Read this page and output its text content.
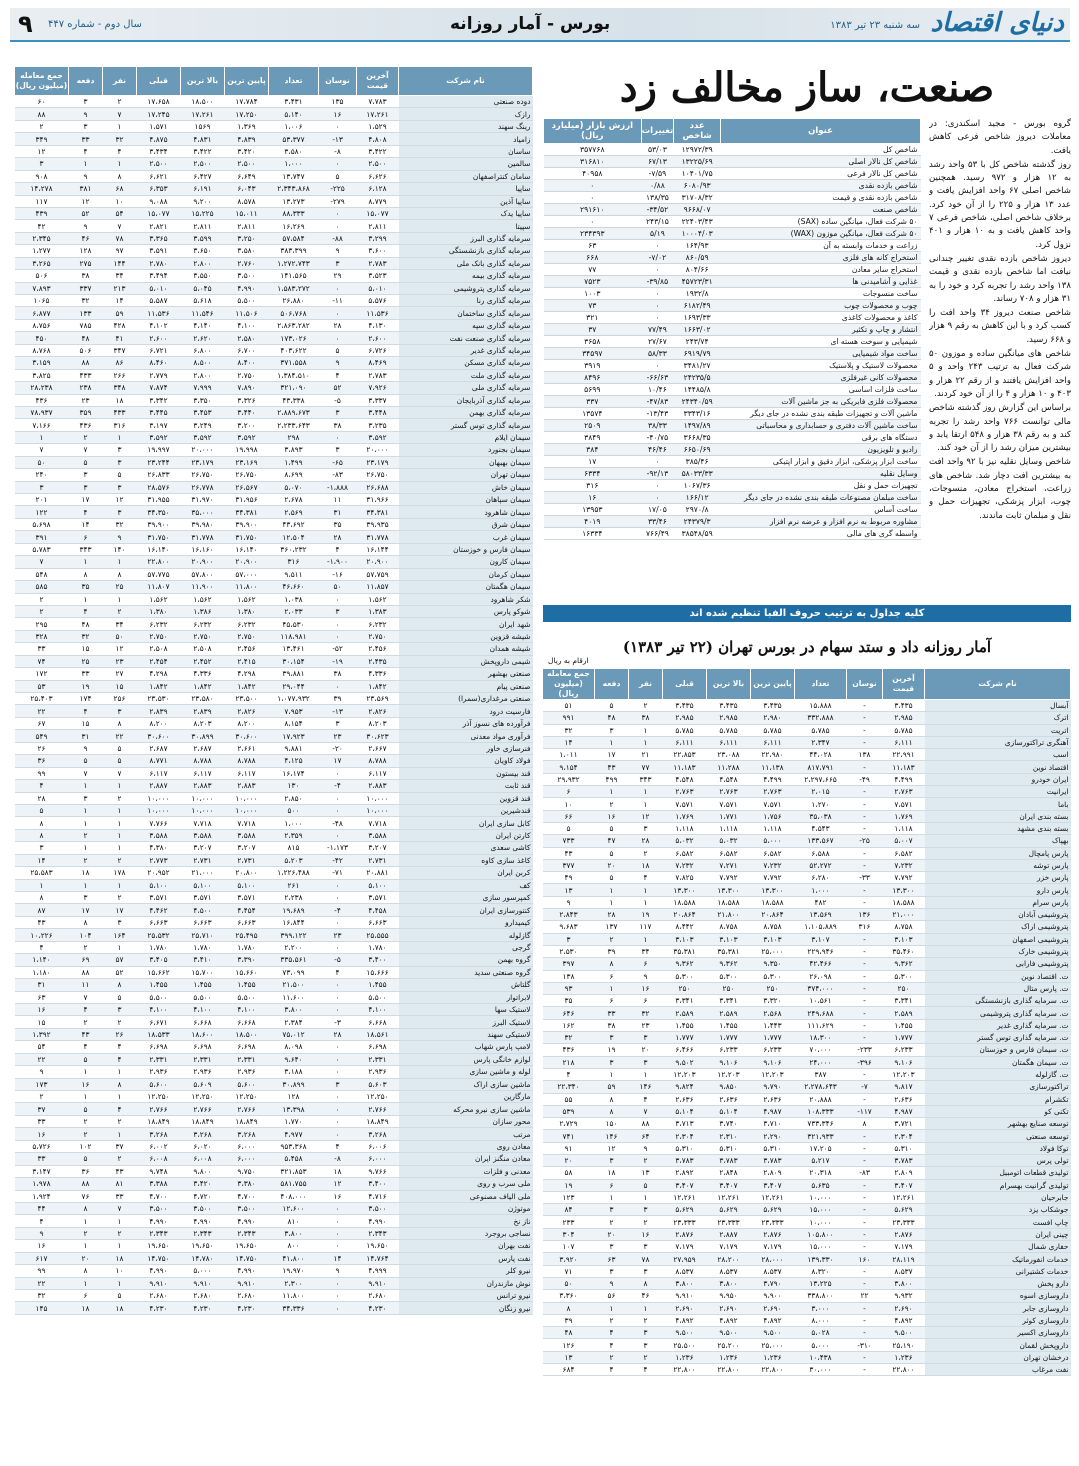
دنیای اقتصاد
سه شنبه ۲۳ تیر ۱۳۸۳
بورس - آمار روزانه
سال دوم - شماره ۴۴۷
۹
صنعت، ساز مخالف زد

گروه بورس - مجید اسکندری: در معاملات دیروز شاخص فرعی کاهش یافت.

روز گذشته شاخص کل با ۵۳ واحد رشد به ۱۲ هزار و ۹۷۲ رسید. همچنین شاخص اصلی ۶۷ واحد افزایش یافت و عدد ۱۳ هزار و ۲۲۵ را از آن خود کرد. برخلاف شاخص اصلی، شاخص فرعی ۷ واحد کاهش یافت و به ۱۰ هزار و ۴۰۱ نزول کرد.

دیروز شاخص بازده نقدی تغییر چندانی نیافت اما شاخص بازده نقدی و قیمت ۱۳۸ واحد رشد را تجربه کرد و خود را به ۳۱ هزار و ۷۰۸ رساند.

شاخص صنعت دیروز ۳۴ واحد افت را کسب کرد و با این کاهش به رقم ۹ هزار و ۶۶۸ رسید.

شاخص های میانگین ساده و موزون ۵۰ شرکت فعال به ترتیب ۲۴۳ واحد و ۵ واحد افزایش یافتند و از رقم ۲۲ هزار و ۴۰۳ و ۱۰ هزار و ۴ را از آن خود کردند.

براساس این گزارش روز گذشته شاخص مالی توانست ۷۶۶ واحد رشد را تجربه کند و به رقم ۳۸ هزار و ۵۴۸ ارتقا یابد و بیشترین میزان رشد را از آن خود کند.

شاخص وسایل نقلیه نیز با ۹۲ واحد افت به بیشترین افت دچار شد. شاخص های زراعت، استخراج معادن، منسوجات، چوب، ابزار پزشکی، تجهیزات حمل و نقل و مبلمان ثابت ماندند.

عنوان	عدد شاخص	تغییرات	ارزش بازار (میلیارد ریال)
شاخص کل	۱۲۹۷۲/۳۹	۵۳/۰۳	۳۵۷۷۶۸
شاخص کل نالار اصلی	۱۳۲۲۵/۶۹	۶۷/۱۳	۳۱۶۸۱۰
شاخص کل نالار فرعی	۱۰۴۰۱/۷۵	-۷/۵۹	۴۰۹۵۸
شاخص بازده نقدی	۶۰۸۰/۹۳	۰/۸۸	۰
شاخص بازده نقدی و قیمت	۳۱۷۰۸/۳۲	۱۳۸/۳۵	۰
شاخص صنعت	۹۶۶۸/۰۷	-۳۴/۵۲	۲۹۱۶۱۰
۵۰ شرکت فعال، میانگین ساده (SAX)	۲۲۴۰۳/۴۳	۲۴۳/۱۵	۰
۵۰ شرکت فعال، میانگین موزون (WAX)	۱۰۰۰۴/۰۳	۵/۱۹	۲۳۴۳۹۳
زراعت و خدمات وابسته به آن	۱۶۴/۹۳	۰	۶۳
استخراج کانه های فلزی	۸۶۰/۵۹	-۷/۰۲	۶۶۸
استخراج سایر معادن	۸۰۴/۶۶	۰	۷۷
غذایی و آشامیدنی ها	۴۵۷۲۳/۳۱	-۳۹/۸۵	۷۵۲۳
ساخت منسوجات	۱۹۳۲/۸	۰	۱۰۰۳
چوب و محصولات چوب	۶۱۸۲/۴۹	۰	۷۳
کاغذ و محصولات کاغذی	۱۶۹۳/۳۳	۰	۳۲۱
انتشار و چاپ و تکثیر	۱۶۶۳/۰۲	۷۷/۴۹	۳۷
شیمیایی و سوخت هسته ای	۲۴۳/۷۴	۲۷/۶۷	۳۶۵۸
ساخت مواد شیمیایی	۶۹۱۹/۷۹	۵۸/۳۳	۳۴۵۹۷
محصولات لاستیک و پلاستیک	۳۴۸۱/۲۷	۰	۳۹۱۹
محصولات کانی غیرفلزی	۲۴۲۳۵/۵	-۶۶/۶۳	۸۴۹۶
ساخت فلزات اساسی	۱۴۴۸۵/۸	۱۰/۴۶	۵۶۹۹
محصولات فلزی فابریکی به جز ماشین آلات	۲۴۳۴۰/۵۹	-۴۷/۸۳	۳۳۷
ماشین آلات و تجهیزات طبقه بندی نشده در جای دیگر	۳۳۴۳/۱۶	-۱۳/۴۳	۱۳۵۷۴
ساخت ماشین آلات دفتری و حسابداری و محاسباتی	۱۴۹۷/۸۹	۳۸/۳۳	۲۵۰۹
دستگاه های برقی	۳۶۶۸/۳۵	-۴۰/۷۵	۳۸۴۹
رادیو و تلویزیون	۶۶۵۰/۶۹	۴۶/۴۶	۳۸۴
ساخت ابزار پزشکی، ابزار دقیق و ابزار اپتیکی	۳۸۵/۴۶	۰	۱۷
وسایل نقلیه	۵۸۰۳۳/۳۳	-۹۲/۱۳	۶۳۳۴
تجهیزات حمل و نقل	۱۰۶۷/۳۶	۰	۳۱۶
ساخت مبلمان مصنوعات طبقه بندی نشده در جای دیگر	۱۶۶/۱۲	۰	۱۶
ساخت آساس	۲۹۷۰/۸	۱۷/۰۵	۱۳۹۵۳
مشاوره مربوط به نرم افزار و عرضه نرم افزار	۲۴۳۷۹/۳	۳۳/۴۶	۴۰۱۹
واسطه گری های مالی	۳۸۵۴۸/۵۹	۷۶۶/۴۹	۱۶۳۳۴
کلیه جداول به ترتیب حروف الفبا تنظیم شده اند
آمار روزانه داد و ستد سهام در بورس تهران (۲۲ تیر ۱۳۸۳)
ارقام به ریال
نام شرکت	آخرین قیمت	نوسان	تعداد	پایین ترین	بالا ترین	قبلی	نفر	دفعه	جمع معامله (میلیون ریال)
دوده صنعتی	۷،۷۸۳	۱۳۵	۳،۴۳۱	۱۷،۷۸۴	۱۸،۵۰۰	۱۷،۶۵۸	۲	۳	۶۰
رازک	۱۷،۲۶۱	۱۶	۵،۱۴۰	۱۷،۲۵۰	۱۷،۲۶۱	۱۷،۲۴۵	۷	۹	۸۸
رینگ سهند	۱،۵۲۹	۰	۱،۰۰۶	۱،۳۶۹	۱۵۶۹	۱،۵۷۱	۱	۳	۲
زامیاد	۴،۸۰۸	-۱۳	۵۳،۳۷۷	۴،۸۳۹	۴،۸۳۱	۴،۸۷۵	۳۲	۳۳	۳۴۹
ساسان	۳،۴۲۲	-۸	۳،۵۸۰	۳،۴۲۰	۳،۴۲۲	۳،۴۳۴	۴	۴	۱۲
سالمین	۲،۵۰۰	۰	۱،۰۰۰	۲،۵۰۰	۲،۵۰۰	۲،۵۰۰	۱	۱	۳
سامان کنتراصفهان	۶،۶۲۶	۵	۱۳،۷۴۷	۶،۶۴۹	۶،۴۲۷	۶،۶۲۱	۸	۹	۹۰۸
ساپیا	۶،۱۲۸	-۲۲۵	۲،۳۴۳،۸۶۸	۶،۰۴۳	۶،۱۹۱	۶،۳۵۳	۶۸	۳۸۱	۱۴،۲۷۸
ساپیا آذین	۸،۷۷۹	-۲۷۹	۱۳،۲۷۳	۸،۵۷۸	۹،۲۰۰	۹،۰۸۸	۱۰	۱۲	۱۱۷
ساپیا یدک	۱۵،۰۷۷	۰	۸۸،۳۳۳	۱۵،۰۱۱	۱۵،۲۲۵	۱۵،۰۷۷	۵۴	۵۲	۴۳۹
سپیتا	۲،۸۱۱	۰	۱۶،۲۶۹	۲،۸۱۱	۲،۸۱۱	۲،۸۲۱	۷	۹	۴۲
سرمایه گذاری البرز	۳،۲۹۹	-۸۸	۵۷،۵۸۴	۳،۲۵۰	۳،۵۹۹	۳،۳۶۵	۷۸	۴۶	۲،۳۴۵
سرمایه گذاری بازنشستگی	۳،۶۰۰	۹	۳۸۳،۳۹۹	۳،۵۸۰	۳،۶۵۰	۳،۵۹۱	۹۷	۱۲۸	۱،۲۷۷
سرمایه گذاری بانک ملی	۲،۷۸۳	۳	۱،۲۷۲،۷۴۳	۲،۷۶۰	۲،۸۰۰	۲،۷۸۰	۱۴۴	۲۷۵	۳،۲۶۵
سرمایه گذاری بیمه	۳،۵۲۳	۲۹	۱۴۱،۵۶۵	۳،۵۰۰	۳،۵۵۰	۳،۴۹۴	۳۴	۳۸	۵۰۶
سرمایه گذاری پتروشیمی	۵،۰۱۰	۰	۱،۵۸۳،۲۷۲	۴،۹۹۰	۵،۰۴۵	۵،۰۱۰	۲۱۳	۳۳۷	۷،۸۹۳
سرمایه گذاری رنا	۵،۵۷۶	-۱۱	۲۶،۸۸۰	۵،۵۰۰	۵،۶۱۸	۵،۵۸۷	۱۴	۳۲	۱۰۶۵
سرمایه گذاری ساختمان	۱۱،۵۳۶	۰	۵۰۶،۷۶۸	۱۱،۵۰۶	۱۱،۵۴۶	۱۱،۵۳۶	۵۹	۱۳۳	۶،۸۷۷
سرمایه گذاری سپه	۴،۱۳۰	۲۸	۲،۸۶۳،۲۸۲	۴،۱۰۰	۴،۱۴۰	۴،۱۰۲	۴۲۸	۷۸۵	۸،۷۵۶
سرمایه گذاری صنعت نفت	۲،۶۰۰	۰	۱۷۳،۰۲۶	۲،۵۸۰	۲،۶۲۰	۲،۶۰۰	۴۱	۴۸	۴۵۰
سرمایه گذاری غدیر	۶،۷۲۶	۵	۴۰۳،۶۲۲	۶،۷۰۰	۶،۸۰۰	۶،۷۲۱	۳۴۷	۵۰۶	۸،۷۶۸
سرمایه گذاری مسکن	۸،۴۶۹	۹	۳۷۱،۵۵۸	۸،۴۰۰	۸،۵۰۰	۸،۴۶۰	۸۶	۸۸	۳،۱۵۹
سرمایه گذاری ملت	۲،۷۸۳	۴	۱،۳۸۴،۵۱۰	۲،۷۵۰	۲،۸۰۰	۲،۷۷۹	۲۶۶	۴۳۳	۳،۸۲۵
سرمایه گذاری ملی	۷،۹۲۶	۵۲	۳۲۱،۰۹۰	۷،۸۹۰	۷،۹۹۹	۷،۸۷۴	۳۴۸	۲۳۸	۲۸،۲۳۸
سرمایه گذاری آذربایجان	۳،۳۳۷	-۵	۴۳،۳۳۸	۳،۳۲۶	۳،۳۵۰	۳،۳۴۲	۱۸	۲۳	۴۳۶
سرمایه گذاری بهمن	۳،۴۴۸	۳	۲،۸۸۹،۶۷۳	۳،۴۴۰	۳،۴۵۳	۳،۴۴۵	۴۳۳	۳۵۹	۷۸،۹۳۷
سرمایه گذاری توس گستر	۳،۲۳۵	۳۸	۲،۲۳۳،۶۴۳	۳،۲۰۰	۳،۲۴۹	۳،۱۹۷	۳۱۶	۴۳۶	۷،۱۶۶
سیمان ایلام	۳،۵۹۲	۰	۲۹۸	۳،۵۹۲	۳،۵۹۲	۳،۵۹۲	۱	۲	۱
سیمان بجنورد	۲۰،۰۰۰	۳	۳،۸۹۳	۱۹،۹۹۸	۲۰،۰۰۰	۱۹،۹۹۷	۳	۷	۷
سیمان بهبهان	۲۳،۱۷۹	-۶۵	۱،۴۹۹	۲۳،۱۶۹	۲۳،۱۷۹	۲۳،۲۴۴	۳	۵	۵۰
سیمان تهران	۲۶،۷۵۰	-۸۳	۸،۶۹۹	۲۶،۷۵۰	۲۶،۷۵۰	۲۶،۸۳۳	۵	۳	۲۴۰
سیمان خاش	۲۶،۶۸۸	-۱،۸۸۸	۵،۰۷۰	۲۶،۵۶۷	۲۶،۷۷۸	۲۸،۵۷۶	۳	۳	۳
سیمان سپاهان	۳۱،۹۶۶	۱۱	۲،۶۷۸	۳۱،۹۵۶	۳۱،۹۷۰	۳۱،۹۵۵	۱۲	۱۷	۲۰۱
سیمان شاهرود	۳۴،۳۸۱	۳۱	۲،۵۶۹	۳۴،۳۸۱	۳۵،۰۰۰	۳۴،۳۵۰	۳	۴	۱۲۲
سیمان شرق	۳۹،۹۳۵	۳۵	۴۳،۶۹۲	۳۹،۹۰۰	۳۹،۹۸۰	۳۹،۹۰۰	۳۲	۱۴	۵،۶۹۸
سیمان غرب	۳۱،۷۷۸	۲۸	۱۲،۵۰۴	۳۱،۷۵۰	۳۱،۷۷۸	۳۱،۷۵۰	۹	۶	۳۹۱
سیمان فارس و خوزستان	۱۶،۱۴۴	۴	۳۶۰،۲۳۲	۱۶،۱۴۰	۱۶،۱۶۰	۱۶،۱۴۰	۱۴۰	۳۴۳	۵،۷۸۳
سیمان کارون	۲۰،۹۰۰	-۱،۹۰۰	۳۱۶	۲۰،۹۰۰	۲۰،۹۰۰	۲۲،۸۰۰	۱	۱	۷
سیمان کرمان	۵۷،۷۵۹	-۱۶	۹،۵۱۱	۵۷،۰۰۰	۵۷،۸۰۰	۵۷،۷۷۵	۸	۸	۵۴۸
سیمان هگمتان	۱۱،۸۵۷	۵۰	۴۶،۶۶۰	۱۱،۸۰۰	۱۱،۹۰۰	۱۱،۸۰۷	۲۵	۳۵	۵۸۵
شکر شاهرود	۱،۵۶۲	۰	۱،۰۳۸	۱،۵۶۲	۱،۵۶۲	۱،۵۶۲	۱	۱	۲
شوکو پارس	۱،۳۸۳	۳	۲،۰۳۳	۱،۳۸۰	۱،۳۸۶	۱،۳۸۰	۲	۴	۲
شهد ایران	۶،۲۳۲	۰	۴۵،۵۳۰	۶،۲۳۲	۶،۲۳۲	۶،۲۳۲	۳۴	۴۸	۲۹۵
شیشه قزوین	۲،۷۵۰	۰	۱۱۸،۹۸۱	۲،۷۵۰	۲،۷۵۰	۲،۷۵۰	۵۰	۳۲	۳۲۸
شیشه همدان	۲،۴۵۶	-۵۲	۱۳،۴۶۱	۲،۴۵۶	۲،۵۰۸	۲،۵۰۸	۱۲	۱۵	۳۳
شیمی داروپخش	۲،۴۳۵	-۱۹	۳۰،۱۵۴	۲،۴۱۵	۲،۴۵۲	۲،۴۵۴	۲۳	۲۵	۷۴
صنعتی بهشهر	۴،۳۳۶	۳۸	۳۹،۸۸۱	۴،۲۹۸	۴،۳۳۶	۴،۲۹۸	۲۷	۳۳	۱۷۲
صنعتی پیام	۱،۸۴۲	۰	۲۹،۰۴۴	۱،۸۴۲	۱،۸۴۲	۱،۸۴۲	۱۵	۱۹	۵۳
صنعتی مرغداری(سمرا)	۲۳،۵۶۹	۳۹	۱،۰۷۷،۹۳۲	۲۳،۵۰۰	۲۳،۵۸۰	۲۳،۵۳۰	۲۵۶	۱۷۴	۲۵،۴۰۳
فارسیت درود	۲،۸۲۶	-۱۳	۷،۹۵۳	۲،۸۲۶	۲،۸۳۹	۲،۸۳۹	۳	۴	۲۲
فرآورده های نسوز آذر	۸،۲۰۳	۳	۸،۱۵۴	۸،۲۰۰	۸،۲۰۳	۸،۲۰۰	۸	۱۵	۶۷
فرآوری مواد معدنی	۳۰،۶۲۳	۲۳	۱۷،۹۲۳	۳۰،۶۰۰	۳۰،۸۹۹	۳۰،۶۰۰	۲۲	۳۱	۵۴۹
فنرسازی خاور	۲،۶۶۷	-۲۰	۹،۸۸۱	۲،۶۶۱	۲،۶۸۷	۲،۶۸۷	۵	۹	۲۶
فولاد کاویان	۸،۷۸۸	۱۷	۴،۱۲۵	۸،۷۸۸	۸،۷۸۸	۸،۷۷۱	۵	۵	۳۶
قند بیستون	۶،۱۱۷	۰	۱۶،۱۷۴	۶،۱۱۷	۶،۱۱۷	۶،۱۱۷	۷	۷	۹۹
قند ثابت	۲،۸۸۳	-۴	۱۳۰	۲،۸۸۳	۲،۸۸۳	۲،۸۸۷	۱	۱	۴
قند قزوین	۱۰،۰۰۰	۰	۲،۸۵۰	۱۰،۰۰۰	۱۰،۰۰۰	۱۰،۰۰۰	۲	۳	۲۸
قندشیرین	۱۰،۰۰۰	۰	۵۰۰	۱۰،۰۰۰	۱۰،۰۰۰	۱۰،۰۰۰	۱	۱	۵
کابل سازی ایران	۷،۷۱۸	-۴۸	۱،۰۰۰	۷،۷۱۸	۷،۷۱۸	۷،۷۶۶	۱	۱	۸
کارتن ایران	۳،۵۸۸	۰	۲،۳۵۹	۳،۵۸۸	۳،۵۸۸	۳،۵۸۸	۱	۲	۸
کاشی سعدی	۳،۲۰۷	-۱،۱۷۳	۸۱۵	۳،۲۰۷	۳،۲۰۷	۴،۳۸۰	۱	۱	۳
کاغذ سازی کاوه	۲،۷۳۱	-۴۲	۵،۲۰۳	۲،۷۳۱	۲،۷۳۱	۲،۷۷۳	۲	۲	۱۴
کربن ایران	۲۰،۸۸۱	-۷۱	۱،۲۲۶،۴۸۸	۲۰،۸۰۰	۲۱،۰۰۰	۲۰،۹۵۲	۱۷۸	۱۸	۲۵،۵۸۳
کف	۵،۱۰۰	۰	۲۶۱	۵،۱۰۰	۵،۱۰۰	۵،۱۰۰	۱	۱	۱
کمپرسور سازی	۳،۵۷۱	۰	۲،۲۳۸	۳،۵۷۱	۳،۵۷۱	۳،۵۷۱	۲	۳	۸
کنتورسازی ایران	۴،۴۵۸	-۴	۱۹،۶۸۹	۴،۴۵۴	۴،۵۰۰	۴،۴۶۲	۱۷	۱۷	۸۷
کیمیدارو	۶،۶۶۳	۰	۱۶،۸۴۴	۶،۶۶۳	۶،۶۶۳	۶،۶۶۳	۳	۸	۴۳
گازلوله	۲۵،۵۵۵	۲۳	۳۹۹،۱۲۲	۲۵،۴۹۵	۲۵،۷۱۰	۲۵،۵۳۲	۱۶۴	۱۰۴	۱۰،۲۲۶
گرجی	۱،۷۸۰	۰	۲،۲۰۰	۱،۷۸۰	۱،۷۸۰	۱،۷۸۰	۱	۲	۴
گروه بهمن	۳،۴۰۰	-۵	۳۳۵،۵۶۱	۳،۳۹۰	۳،۴۱۰	۳،۴۰۵	۵۷	۶۹	۱،۱۴۰
گروه صنعتی سدید	۱۵،۶۶۶	۴	۷۳،۰۹۹	۱۵،۶۶۰	۱۵،۷۰۰	۱۵،۶۶۲	۵۲	۸۸	۱،۱۸۰
گلتاش	۱،۴۵۵	۰	۲۱،۵۰۰	۱،۴۵۵	۱،۴۵۵	۱،۴۵۵	۸	۱۱	۳۱
لابراتوار	۵،۵۰۰	۰	۱۱،۶۰۰	۵،۵۰۰	۵،۵۰۰	۵،۵۰۰	۵	۷	۶۳
لاستیک سها	۴،۱۰۰	۰	۳،۸۰۰	۴،۱۰۰	۴،۱۰۰	۴،۱۰۰	۳	۴	۱۶
لاستیک البرز	۶،۶۶۸	-۳	۲،۳۸۴	۶،۶۶۸	۶،۶۶۸	۶،۶۷۱	۲	۲	۱۵
لاستیکی سهند	۱۸،۵۶۱	۲۸	۷۵،۰۱۲	۱۸،۵۰۰	۱۸،۶۰۰	۱۸،۵۳۳	۲۶	۴۳	۱،۳۹۲
لامپ پارس شهاب	۶،۶۹۸	۰	۸،۰۹۸	۶،۶۹۸	۶،۶۹۸	۶،۶۹۸	۴	۴	۵۴
لوازم خانگی پارس	۲،۳۳۱	۰	۹،۶۴۰	۲،۳۳۱	۲،۳۳۱	۲،۳۳۱	۴	۵	۲۲
لوله و ماشین سازی	۲،۹۳۶	۰	۳،۱۸۸	۲،۹۳۶	۲،۹۳۶	۲،۹۳۶	۱	۱	۹
ماشین سازی اراک	۵،۶۰۳	۳	۳۰،۸۹۹	۵،۶۰۰	۵،۶۰۹	۵،۶۰۰	۸	۱۶	۱۷۳
مارگارین	۱۲،۲۵۰	۰	۱۲۸	۱۲،۲۵۰	۱۲،۲۵۰	۱۲،۲۵۰	۱	۱	۲
ماشین سازی نیرو محرکه	۲،۷۶۶	۰	۱۳،۳۹۸	۲،۷۶۶	۲،۷۶۶	۲،۷۶۶	۴	۵	۳۷
محور سازان	۱۸،۸۴۹	۰	۱،۷۷۰	۱۸،۸۴۹	۱۸،۸۴۹	۱۸،۸۴۹	۲	۲	۳۳
مرتب	۳،۲۶۸	۰	۴،۹۷۷	۳،۲۶۸	۳،۲۶۸	۳،۲۶۸	۱	۲	۱۶
معادن روی	۶،۰۰۶	۴	۹۵۳،۳۶۸	۶،۰۰۰	۶،۰۲۰	۶،۰۰۲	۳۷	۱۰۲	۵،۷۲۶
معادن منگنز ایران	۶،۰۰۰	-۸	۵،۴۵۸	۶،۰۰۰	۶،۰۰۸	۶،۰۰۸	۲	۵	۳۳
معدنی و فلزات	۹،۷۶۶	۱۸	۳۲۱،۸۵۳	۹،۷۵۰	۹،۸۰۰	۹،۷۴۸	۴۳	۳۶	۳،۱۴۷
ملی سرب و روی	۳،۴۰۰	۱۲	۵۸۱،۷۵۵	۳،۳۸۰	۳،۴۲۰	۳،۳۸۸	۸۱	۸۸	۱،۹۷۸
ملی الیاف مصنوعی	۴،۷۱۶	۱۶	۴۰۸،۰۰۰	۴،۷۰۰	۴،۷۲۰	۴،۷۰۰	۳۳	۷۶	۱،۹۲۴
موتوژن	۳،۵۰۰	۰	۱۲،۶۰۰	۳،۵۰۰	۳،۵۰۰	۳،۵۰۰	۷	۸	۴۴
ناز نخ	۴،۹۹۰	۰	۸۱۰	۴،۹۹۰	۴،۹۹۰	۴،۹۹۰	۱	۱	۴
نساجی بروجرد	۲،۳۴۳	۰	۳،۸۰۰	۲،۳۴۳	۲،۳۴۳	۲،۳۴۳	۲	۲	۹
نفت بهران	۱۹،۶۵۰	۰	۸۰۰	۱۹،۶۵۰	۱۹،۶۵۰	۱۹،۶۵۰	۱	۱	۱۶
نفت پارس	۱۴،۷۶۴	۱۴	۴۱،۸۰۰	۱۴،۷۵۰	۱۴،۷۸۰	۱۴،۷۵۰	۱۸	۲۰	۶۱۷
نیرو کلر	۴،۹۹۹	۹	۱۹،۹۷۰	۴،۹۹۰	۵،۰۰۰	۴،۹۹۰	۱۰	۸	۹۹
نوش مازندران	۹،۹۱۰	۰	۲،۳۰۰	۹،۹۱۰	۹،۹۱۰	۹،۹۱۰	۱	۱	۲۲
نیرو ترانس	۲،۶۸۰	۰	۱۱،۸۰۰	۲،۶۸۰	۲،۶۸۰	۲،۶۸۰	۵	۶	۳۲
نیرو زنگان	۴،۲۳۰	۰	۳۴،۳۳۶	۴،۲۳۰	۴،۲۳۰	۴،۲۳۰	۱۸	۱۸	۱۴۵
نام شرکت	آخرین قیمت	نوسان	تعداد	پایین ترین	بالا ترین	قبلی	نفر	دفعه	جمع معامله (میلیون ریال)
آبسال	۳،۴۳۵	-	۱۵،۸۸۸	۳،۴۳۵	۳،۴۳۵	۳،۴۳۵	۲	۵	۵۱
اترک	۲،۹۸۵	-	۳۳۲،۸۸۸	۲،۹۸۰	۲،۹۸۵	۲،۹۸۵	۳۸	۴۸	۹۹۱
اتریت	۵،۷۸۵	-	۵،۷۸۵	۵،۷۸۵	۵،۷۸۵	۵،۷۸۵	۱	۳	۳۲
آهنگری تراکتورسازی	۶،۱۱۱	-	۲،۳۴۷	۶،۱۱۱	۶،۱۱۱	۶،۱۱۱	۱	۱	۱۴
اسب	۲۲،۹۹۱	۱۳۸	۴۴،۰۲۸	۲۲،۹۸۰	۲۳،۰۸۸	۲۲،۸۵۳	۲۱	۱۷	۱،۰۱۱
اقتصاد نوین	۱۱،۱۸۳	-	۸۱۷،۷۹۱	۱۱،۱۳۸	۱۱،۲۸۸	۱۱،۱۸۳	۷۷	۴۳	۹،۱۵۴
ایران خودرو	۴،۴۹۹	-۴۹	۲،۲۹۷،۶۶۵	۴،۴۹۹	۴،۵۴۸	۴،۵۴۸	۳۴۳	۴۹۹	۲۹،۹۳۲
ایرانیت	۲،۷۶۳	-	۲،۰۱۵	۲،۷۶۳	۲،۷۶۳	۲،۷۶۳	۱	۱	۶
باما	۷،۵۷۱	-	۱،۲۷۰	۷،۵۷۱	۷،۵۷۱	۷،۵۷۱	۱	۲	۱۰
بسته بندی ایران	۱،۷۶۹	-	۳۵،۰۳۸	۱،۷۵۶	۱،۷۷۱	۱،۷۶۹	۱۲	۱۶	۶۶
بسته بندی مشهد	۱،۱۱۸	-	۴،۵۴۳	۱،۱۱۸	۱،۱۱۸	۱،۱۱۸	۳	۵	۵
بهپاک	۵،۰۰۷	-۲۵	۱۳۳،۵۶۷	۵،۰۰۰	۵،۰۳۲	۵،۰۳۲	۲۸	۴۷	۷۳۳
پارس پامچال	۶،۵۸۲	-	۶،۵۸۸	۶،۵۸۲	۶،۵۸۲	۶،۵۸۲	۲	۵	۴۳
پارس توشه	۷،۲۳۲	-	۵۲،۲۷۲	۷،۲۳۲	۷،۲۷۱	۷،۲۳۲	۱۸	۲۰	۳۷۷
پارس خزر	۷،۷۹۲	-۳۳	۶،۲۸۰	۷،۷۹۲	۷،۷۹۲	۷،۸۲۵	۴	۵	۴۹
پارس دارو	۱۳،۳۰۰	-	۱،۰۰۰	۱۳،۳۰۰	۱۳،۳۰۰	۱۳،۳۰۰	۱	۱	۱۳
پارس سرام	۱۸،۵۸۸	-	۴۸۲	۱۸،۵۸۸	۱۸،۵۸۸	۱۸،۵۸۸	۱	۱	۹
پتروشیمی آبادان	۲۱،۰۰۰	۱۳۶	۱۳،۵۶۹	۲۰،۸۶۴	۲۱،۸۰۰	۲۰،۸۶۴	۱۹	۲۸	۲،۸۴۳
پتروشیمی اراک	۸،۷۵۸	۳۱۶	۱،۱۰۵،۸۸۹	۸،۷۵۸	۸،۷۵۸	۸،۴۴۲	۱۱۷	۱۳۷	۹،۶۸۳
پتروشیمی اصفهان	۳،۱۰۳	-	۳،۱۰۷	۳،۱۰۳	۳،۱۰۳	۳،۱۰۳	۱	۲	۳
پتروشیمی خارک	۳۵،۴۶۰	-	۲۲۹،۹۴۶	۲۵،۰۰۰	۳۵،۳۸۱	۳۵،۳۸۱	۳۴	۳۹	۲،۵۳۰
پتروشیمی فارابی	۹،۳۶۲	-	۴۲،۴۶۶	۹،۳۵۰	۹،۳۶۲	۹،۳۶۲	۶	۸	۳۹۷
ت. اقتصاد نوین	۵،۳۰۰	-	۲۶،۰۹۸	۵،۳۰۰	۵،۳۰۰	۵،۳۰۰	۹	۶	۱۳۸
ت. پارس متال	۲۵۰	-	۳۷۴،۰۰۰	۲۵۰	۲۵۰	۲۵۰	۱۶	۱	۹۳
ت. سرمایه گذاری بازنشستگی	۳،۳۴۱	-	۱۰،۵۶۱	۳،۳۲۰	۳،۳۴۱	۳،۳۴۱	۶	۶	۳۵
ت. سرمایه گذاری پتروشیمی	۲،۵۸۹	-	۲۴۹،۶۸۸	۲،۵۶۸	۲،۵۸۹	۲،۵۸۹	۳۲	۳۳	۶۴۶
ت. سرمایه گذاری غدیر	۱،۴۵۵	-	۱۱۱،۶۲۹	۱،۴۴۳	۱،۴۵۵	۱،۴۵۵	۲۳	۳۸	۱۶۲
ت. سرمایه گذاری توس گستر	۱،۷۷۷	-	۱۸،۳۰۰	۱،۷۷۷	۱،۷۷۷	۱،۷۷۷	۳	۳	۳۲
ت. سیمان فارس و خوزستان	۶،۲۳۳	-۲۳۳	۷۰،۰۰۰	۶،۲۳۳	۶،۲۳۳	۶،۴۶۶	۲۰	۱۹	۴۳۶
ت. سیمان هگمتان	۹،۱۰۶	-۳۹۶	۲۴،۰۰۰	۹،۱۰۶	۹،۱۰۶	۹،۵۰۲	۳	۳	۲۱۸
ت. گازلوله	۱۲،۲۰۳	-	۳۸۷	۱۲،۲۰۳	۱۲،۲۰۳	۱۲،۲۰۳	۱	۱	۴
تراکتورسازی	۹،۸۱۷	-۷	۲،۲۷۸،۶۴۳	۹،۷۹۰	۹،۸۵۰	۹،۸۲۴	۱۴۶	۵۹	۲۲،۳۴۰
تکشرام	۲،۶۳۶	-	۲۰،۸۸۸	۲،۶۳۶	۲،۶۳۶	۲،۶۳۶	۴	۸	۵۵
تکنی کو	۴،۹۸۷	-۱۱۷	۱۰۸،۳۳۳	۴،۹۸۷	۵،۱۰۴	۵،۱۰۴	۷	۸	۵۳۹
توسعه صنایع بهشهر	۳،۷۲۱	۸	۷۳۳،۳۴۶	۳،۷۱۰	۳،۷۴۰	۳،۷۱۳	۸۸	۱۵۰	۲،۷۲۹
توسعه صنعتی	۲،۳۰۴	-	۳۲۱،۹۳۳	۲،۲۹۰	۲،۳۱۰	۲،۳۰۴	۶۴	۱۴۶	۷۴۱
توکا فولاد	۵،۳۱۰	-	۱۷،۲۰۵	۵،۳۱۰	۵،۳۱۰	۵،۳۱۰	۹	۱۲	۹۱
تولی پرس	۳،۷۸۳	-	۵،۲۱۷	۳،۷۸۳	۳،۷۸۳	۳،۷۸۳	۲	۳	۲۰
تولیدی قطعات اتومبیل	۲،۸۰۹	-۸۳	۲۰،۳۱۸	۲،۸۰۹	۲،۸۴۸	۲،۸۹۲	۱۳	۱۸	۵۸
تولیدی گرانیت بهسرام	۳،۴۰۷	-	۵،۶۳۵	۳،۴۰۷	۳،۴۰۷	۳،۴۰۷	۵	۶	۱۹
جابرحیان	۱۲،۲۶۱	-	۱۰،۰۰۰	۱۲،۲۶۱	۱۲،۲۶۱	۱۲،۲۶۱	۱	۱	۱۲۳
جوشکاب یزد	۵،۶۲۹	-	۱۵،۰۰۰	۵،۶۲۹	۵،۶۲۹	۵،۶۲۹	۳	۳	۸۴
چاپ افست	۲۳،۳۳۳	-	۱۰،۰۰۰	۲۳،۳۳۳	۲۳،۳۳۳	۲۳،۳۳۳	۲	۲	۲۳۳
چینی ایران	۲،۸۷۶	-	۱۰۵،۸۰۰	۲،۸۷۶	۲،۸۸۷	۲،۸۷۶	۱۶	۲۰	۳۰۴
حفاری شمال	۷،۱۷۹	-	۱۵،۰۰۰	۷،۱۷۹	۷،۱۷۹	۷،۱۷۹	۳	۳	۱۰۷
خدمات انفورماتیک	۲۸،۱۱۹	۱۶۰	۱۳۹،۳۳۰	۲۸،۰۰۰	۲۸،۲۰۰	۲۷،۹۵۹	۷۸	۶۳	۳،۹۲۰
خدمات کشتیرانی	۸،۵۳۷	-	۸،۳۲۰	۸،۵۳۷	۸،۵۳۷	۸،۵۳۷	۳	۳	۷۱
دارو پخش	۳،۸۰۰	-	۱۳،۲۲۵	۳،۷۹۰	۳،۸۰۰	۳،۸۰۰	۸	۹	۵۰
داروسازی اسوه	۹،۹۳۲	۲۲	۳۳۸،۸۰۰	۹،۹۰۰	۹،۹۵۰	۹،۹۱۰	۴۶	۵۶	۳،۳۶۰
داروسازی جابر	۲،۶۹۰	-	۳،۰۰۰	۲،۶۹۰	۲،۶۹۰	۲،۶۹۰	۱	۱	۸
داروسازی کوثر	۴،۸۹۲	-	۸،۰۰۰	۴،۸۹۲	۴،۸۹۲	۴،۸۹۲	۲	۲	۳۹
داروسازی اکسیر	۹،۵۰۰	-	۵،۰۲۸	۹،۵۰۰	۹،۵۰۰	۹،۵۰۰	۳	۴	۴۸
داروپخش لقمان	۲۵،۱۹۰	-۳۱۰	۵،۰۰۰	۲۵،۰۰۰	۲۵،۲۰۰	۲۵،۵۰۰	۳	۴	۱۲۶
درخشان تهران	۱،۲۳۶	-	۱۰،۴۳۸	۱،۲۳۶	۱،۲۳۶	۱،۲۳۶	۲	۲	۱۳
نفت مرغاب	۲۲،۸۰۰	-	۳۰،۰۰۰	۲۲،۸۰۰	۲۲،۸۰۰	۲۲،۸۰۰	۴	۴	۶۸۴
